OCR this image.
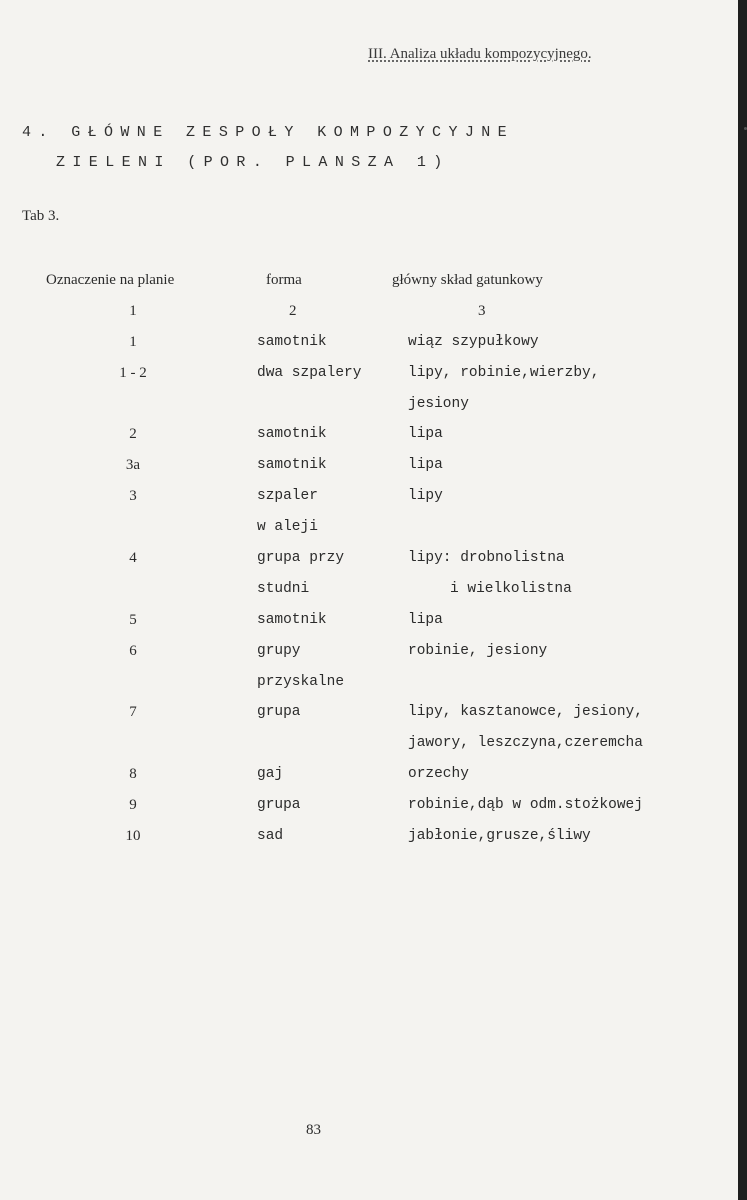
III. Analiza układu kompozycyjnego.
4. GŁÓWNE ZESPOŁY KOMPOZYCYJNE
ZIELENI (POR. PLANSZA 1)
Tab 3.
Oznaczenie na planie	forma	główny skład gatunkowy
1	2	3
1	samotnik	wiąz szypułkowy
1 - 2	dwa szpalery	lipy, robinie,wierzby,
jesiony
2	samotnik	lipa
3a	samotnik	lipa
3	szpaler	lipy
w aleji
4	grupa przy	lipy: drobnolistna
studni	i wielkolistna
5	samotnik	lipa
6	grupy	robinie, jesiony
przyskalne
7	grupa	lipy, kasztanowce, jesiony,
jawory, leszczyna,czeremcha
8	gaj	orzechy
9	grupa	robinie,dąb w odm.stożkowej
10	sad	jabłonie,grusze,śliwy
83
